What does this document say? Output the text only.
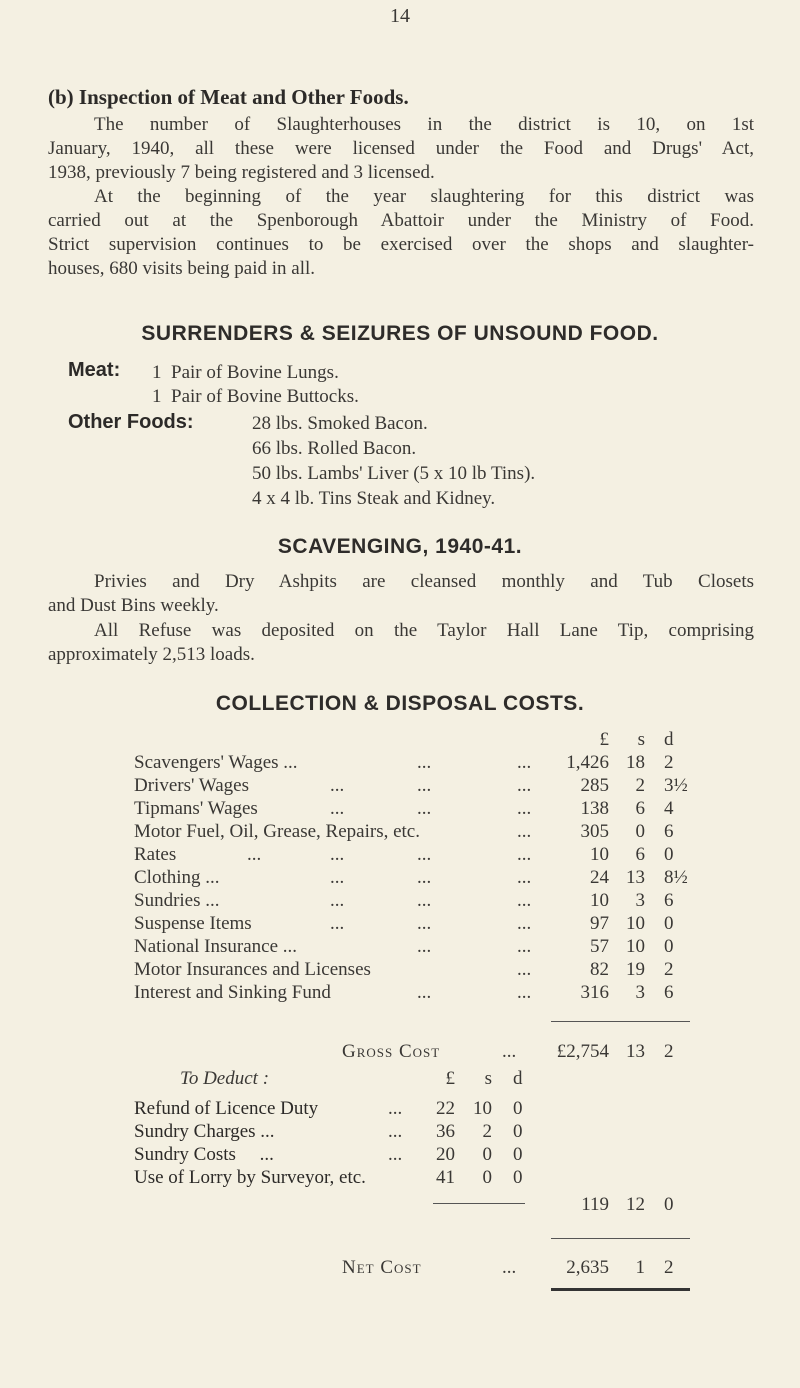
14
(b) Inspection of Meat and Other Foods.
The number of Slaughterhouses in the district is 10, on 1st
January, 1940, all these were licensed under the Food and Drugs' Act,
1938, previously 7 being registered and 3 licensed.
At the beginning of the year slaughtering for this district was
carried out at the Spenborough Abattoir under the Ministry of Food.
Strict supervision continues to be exercised over the shops and slaughter-
houses, 680 visits being paid in all.
SURRENDERS & SEIZURES OF UNSOUND FOOD.
Meat: 1  Pair of Bovine Lungs.
1  Pair of Bovine Buttocks.
Other Foods:	28 lbs. Smoked Bacon.
66 lbs. Rolled Bacon.
50 lbs. Lambs' Liver (5 x 10 lb Tins).
4 x 4 lb. Tins Steak and Kidney.
SCAVENGING, 1940-41.
Privies and Dry Ashpits are cleansed monthly and Tub Closets
and Dust Bins weekly.
All Refuse was deposited on the Taylor Hall Lane Tip, comprising
approximately 2,513 loads.
COLLECTION & DISPOSAL COSTS.
£	s d
Scavengers' Wages ...	...	...	1,426 18 2
Drivers' Wages	...	...	...	285	2 3½
Tipmans' Wages	...	...	...	138	6 4
Motor Fuel, Oil, Grease, Repairs, etc.	...	305	0 6
Rates	...	...	...	...	10	6 0
Clothing ...	...	...	...	24 13 8½
Sundries ...	...	...	...	10	3 6
Suspense Items	...	...	...	97 10 0
National Insurance ...	...	...	57 10 0
Motor Insurances and Licenses	...	82 19 2
Interest and Sinking Fund	...	...	316	3 6
Gross Cost	...	£2,754 13 2
To Deduct :	£	s d
Refund of Licence Duty	...	22 10 0
Sundry Charges ...	...	36	2 0
Sundry Costs     ...	...	20	0 0
Use of Lorry by Surveyor, etc.	41	0 0
119 12 0
Net Cost	...	2,635	1 2
